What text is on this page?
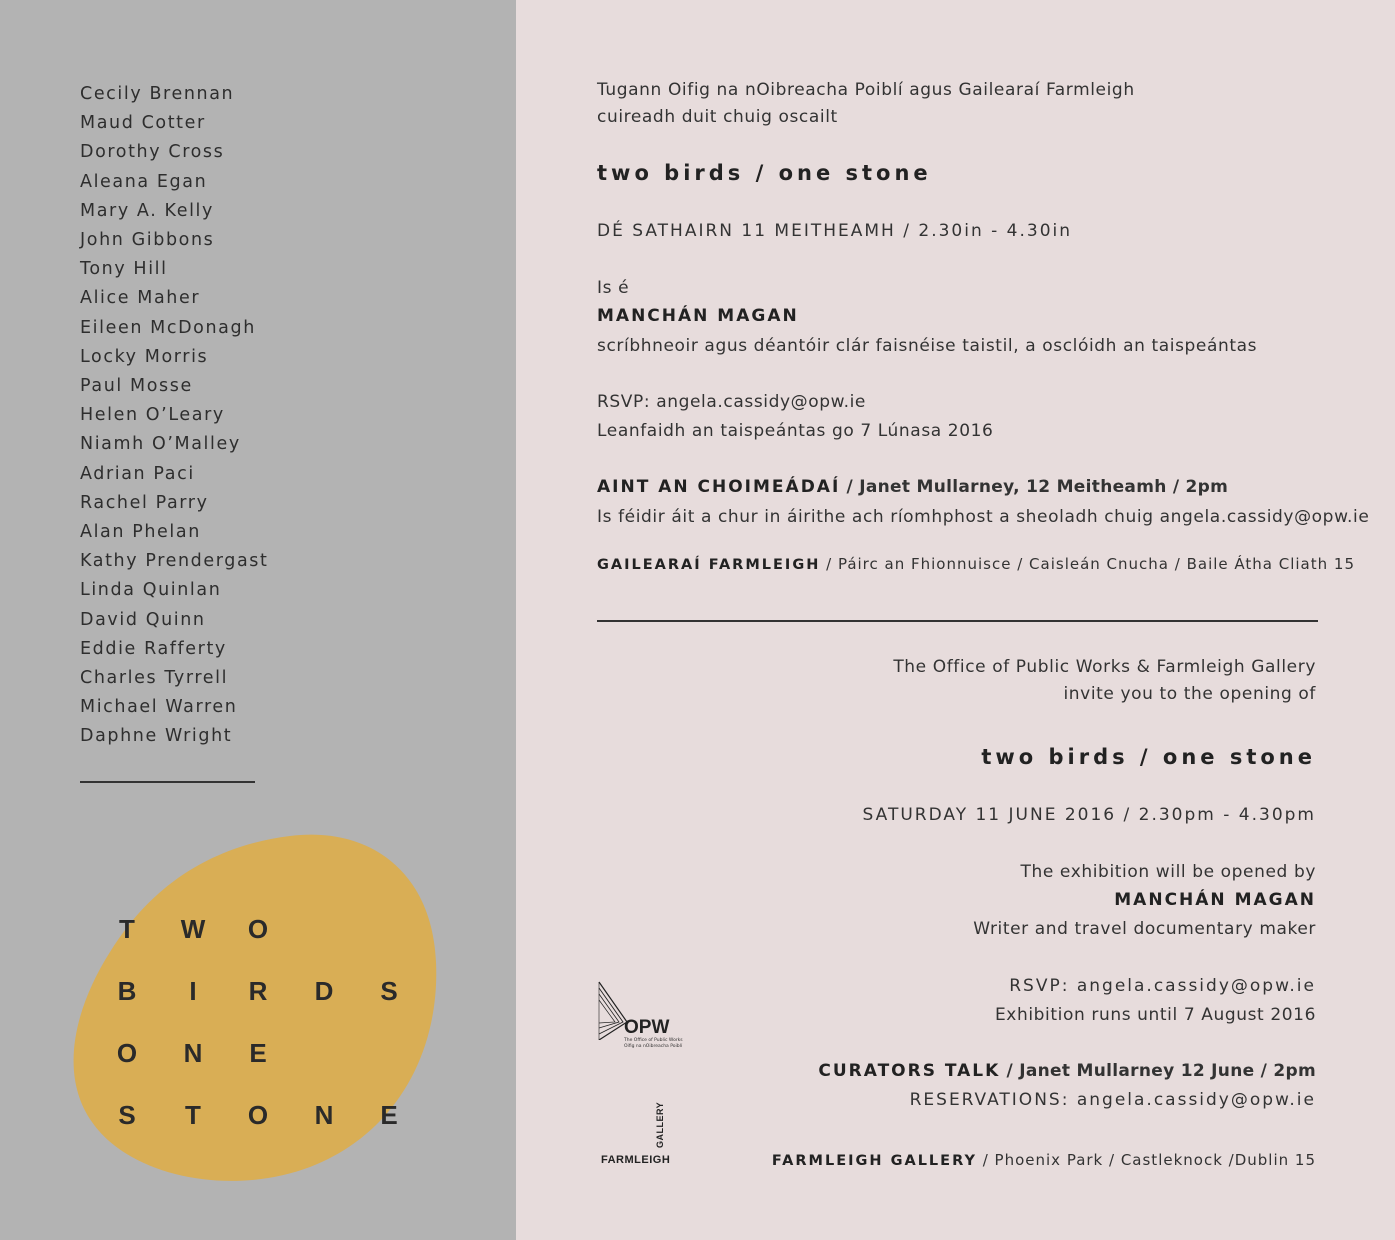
Cecily Brennan
Maud Cotter
Dorothy Cross
Aleana Egan
Mary A. Kelly
John Gibbons
Tony Hill
Alice Maher
Eileen McDonagh
Locky Morris
Paul Mosse
Helen O’Leary
Niamh O’Malley
Adrian Paci
Rachel Parry
Alan Phelan
Kathy Prendergast
Linda Quinlan
David Quinn
Eddie Rafferty
Charles Tyrrell
Michael Warren
Daphne Wright
T W O
B	I	R D S
O N E
S T O N E
Tugann Oifig na nOibreacha Poiblí agus Gailearaí Farmleigh
cuireadh duit chuig oscailt
two birds / one stone
DÉ SATHAIRN 11 MEITHEAMH / 2.30in - 4.30in
Is é
MANCHÁN MAGAN
scríbhneoir agus déantóir clár faisnéise taistil, a osclóidh an taispeántas
RSVP: angela.cassidy@opw.ie
Leanfaidh an taispeántas go 7 Lúnasa 2016
AINT AN CHOIMEÁDAÍ / Janet Mullarney, 12 Meitheamh / 2pm
Is féidir áit a chur in áirithe ach ríomhphost a sheoladh chuig angela.cassidy@opw.ie
GAILEARAÍ FARMLEIGH / Páirc an Fhionnuisce / Caisleán Cnucha / Baile Átha Cliath 15
The Office of Public Works & Farmleigh Gallery
invite you to the opening of
two birds / one stone
SATURDAY 11 JUNE 2016 / 2.30pm - 4.30pm
The exhibition will be opened by
MANCHÁN MAGAN
Writer and travel documentary maker
RSVP: angela.cassidy@opw.ie
Exhibition runs until 7 August 2016
CURATORS TALK / Janet Mullarney 12 June / 2pm
RESERVATIONS: angela.cassidy@opw.ie
FARMLEIGH GALLERY / Phoenix Park / Castleknock /Dublin 15
OPW
The Office of Public Works
Oifig na nOibreacha Poiblí
GALLERY
FARMLEIGH
